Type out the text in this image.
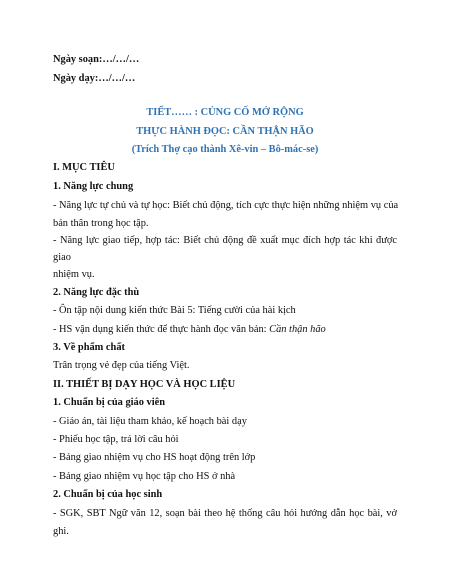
Ngày soạn:…/…/…
Ngày dạy:…/…/…
TIẾT…… : CỦNG CỐ MỞ RỘNG
THỰC HÀNH ĐỌC: CẦN THẬN HÃO
(Trích Thợ cạo thành Xê-vin – Bô-mác-se)
I. MỤC TIÊU
1. Năng lực chung
- Năng lực tự chủ và tự học: Biết chủ động, tích cực thực hiện những nhiệm vụ của
bản thân trong học tập.
- Năng lực giao tiếp, hợp tác: Biết chủ động đề xuất mục đích hợp tác khi được
giao
nhiệm vụ.
2. Năng lực đặc thù
- Ôn tập nội dung kiến thức Bài 5: Tiếng cười của hài kịch
- HS vận dụng kiến thức để thực hành đọc văn bản: Cần thận hão
3. Về phẩm chất
Trân trọng vẻ đẹp của tiếng Việt.
II. THIẾT BỊ DẠY HỌC VÀ HỌC LIỆU
1. Chuẩn bị của giáo viên
- Giáo án, tài liệu tham khảo, kế hoạch bài dạy
- Phiếu học tập, trả lời câu hỏi
- Bảng giao nhiệm vụ cho HS hoạt động trên lớp
- Bảng giao nhiệm vụ học tập cho HS ở nhà
2. Chuẩn bị của học sinh
- SGK, SBT Ngữ văn 12, soạn bài theo hệ thống câu hỏi hướng dẫn học bài, vở
ghi.
